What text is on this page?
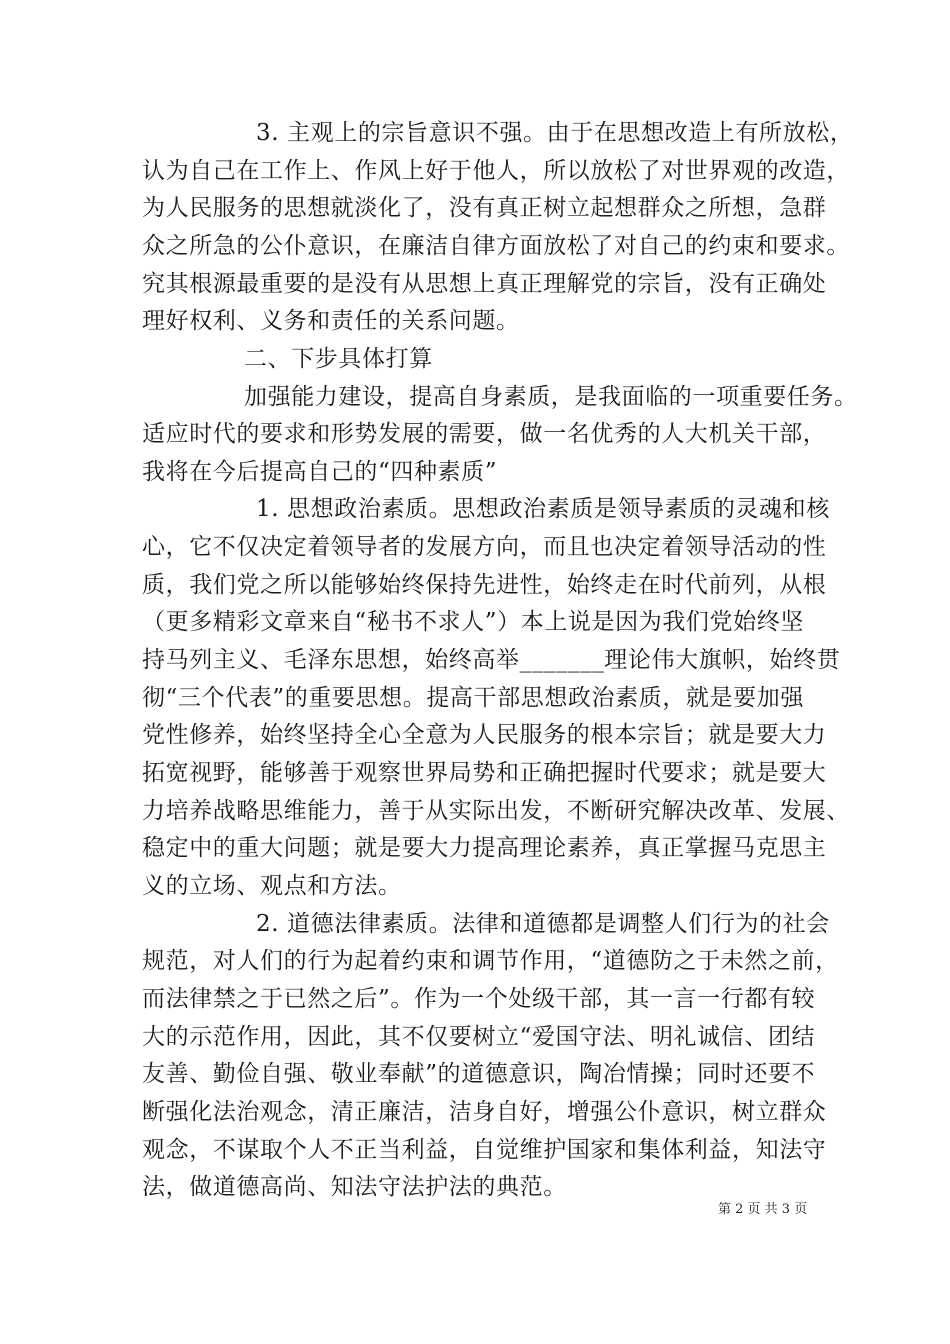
3. 主观上的宗旨意识不强。由于在思想改造上有所放松，
认为自己在工作上、作风上好于他人，所以放松了对世界观的改造，
为人民服务的思想就淡化了，没有真正树立起想群众之所想，急群
众之所急的公仆意识，在廉洁自律方面放松了对自己的约束和要求。
究其根源最重要的是没有从思想上真正理解党的宗旨，没有正确处
理好权利、义务和责任的关系问题。
二、下步具体打算
加强能力建设，提高自身素质，是我面临的一项重要任务。
适应时代的要求和形势发展的需要，做一名优秀的人大机关干部，
我将在今后提高自己的“四种素质”
1. 思想政治素质。思想政治素质是领导素质的灵魂和核
心，它不仅决定着领导者的发展方向，而且也决定着领导活动的性
质，我们党之所以能够始终保持先进性，始终走在时代前列，从根
（更多精彩文章来自“秘书不求人”）本上说是因为我们党始终坚
持马列主义、毛泽东思想，始终高举_______理论伟大旗帜，始终贯
彻“三个代表”的重要思想。提高干部思想政治素质，就是要加强
党性修养，始终坚持全心全意为人民服务的根本宗旨；就是要大力
拓宽视野，能够善于观察世界局势和正确把握时代要求；就是要大
力培养战略思维能力，善于从实际出发，不断研究解决改革、发展、
稳定中的重大问题；就是要大力提高理论素养，真正掌握马克思主
义的立场、观点和方法。
2. 道德法律素质。法律和道德都是调整人们行为的社会
规范，对人们的行为起着约束和调节作用，“道德防之于未然之前，
而法律禁之于已然之后”。作为一个处级干部，其一言一行都有较
大的示范作用，因此，其不仅要树立“爱国守法、明礼诚信、团结
友善、勤俭自强、敬业奉献”的道德意识，陶冶情操；同时还要不
断强化法治观念，清正廉洁，洁身自好，增强公仆意识，树立群众
观念，不谋取个人不正当利益，自觉维护国家和集体利益，知法守
法，做道德高尚、知法守法护法的典范。
第 2 页 共 3 页
